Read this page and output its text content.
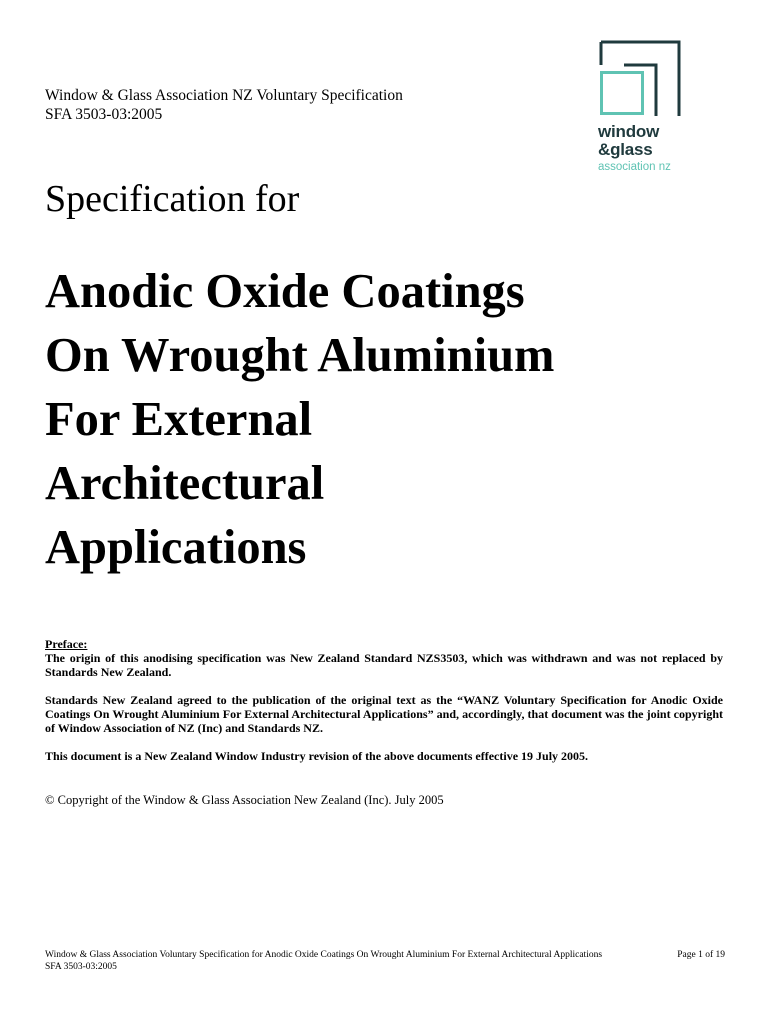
Window & Glass Association NZ Voluntary Specification
SFA 3503-03:2005
window
&glass
association nz
Specification for
Anodic Oxide Coatings
On Wrought Aluminium
For External
Architectural
Applications
Preface:

The origin of this anodising specification was New Zealand Standard NZS3503, which was withdrawn and was not replaced by Standards New Zealand.

Standards New Zealand agreed to the publication of the original text as the “WANZ Voluntary Specification for Anodic Oxide Coatings On Wrought Aluminium For External Architectural Applications” and, accordingly, that document was the joint copyright of Window Association of NZ (Inc) and Standards NZ.

This document is a New Zealand Window Industry revision of the above documents effective 19 July 2005.

© Copyright of the Window & Glass Association New Zealand (Inc). July 2005
Window & Glass Association Voluntary Specification for Anodic Oxide Coatings On Wrought Aluminium For External Architectural Applications
SFA 3503-03:2005
Page 1 of 19
